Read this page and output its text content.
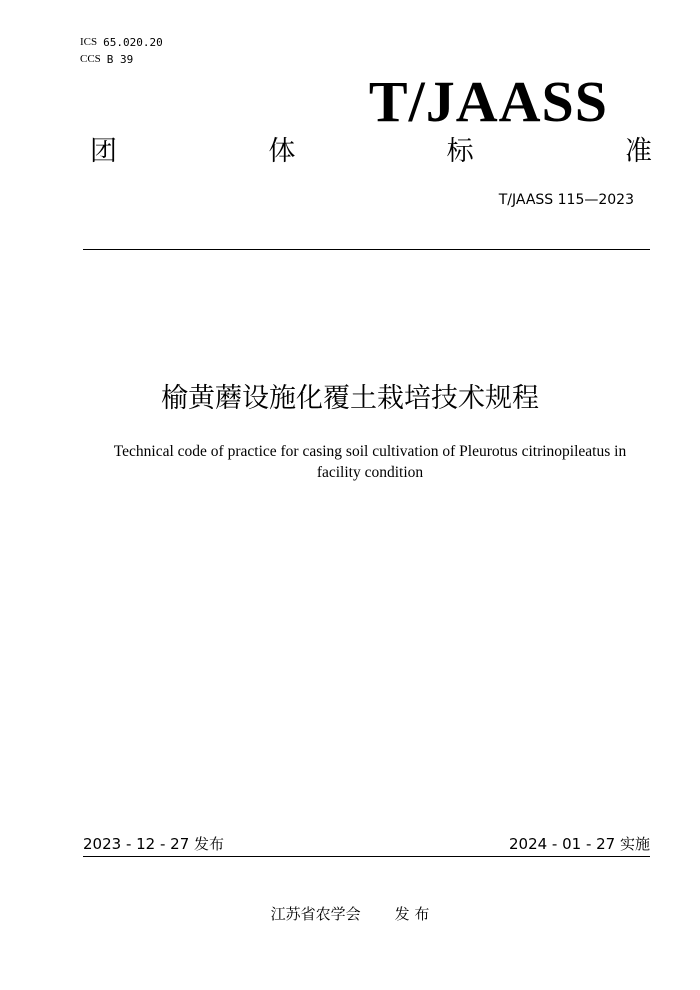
ICS 65.020.20
CCS B 39
T/JAASS
团	体	标	准
T/JAASS 115—2023
榆黄蘑设施化覆土栽培技术规程
Technical code of practice for casing soil cultivation of Pleurotus citrinopileatus in facility condition
2023 - 12 - 27 发布	2024 - 01 - 27 实施
江苏省农学会 发 布
